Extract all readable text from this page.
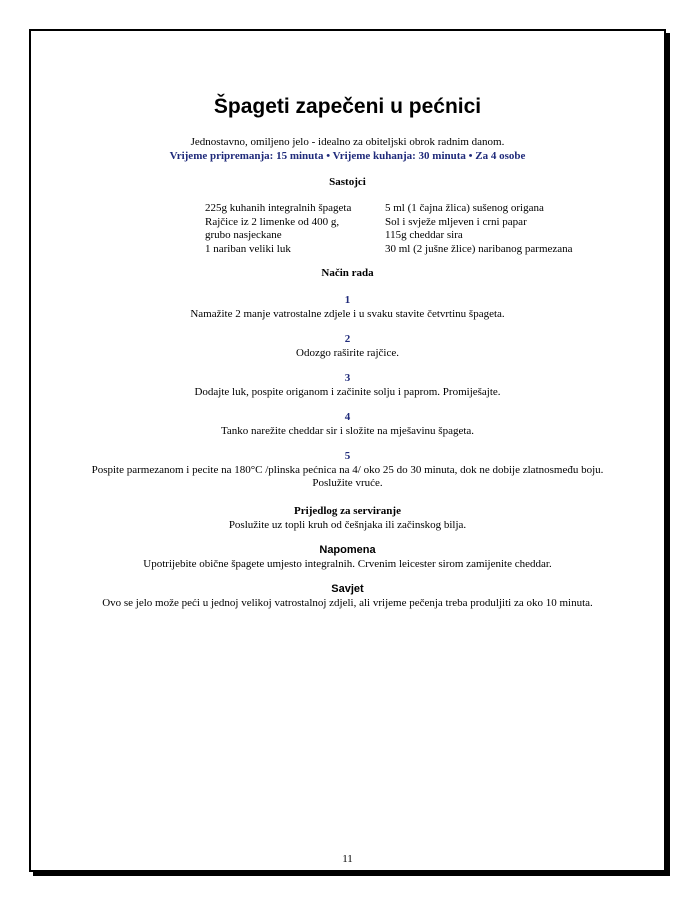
Špageti zapečeni u pećnici
Jednostavno, omiljeno jelo - idealno za obiteljski obrok radnim danom.
Vrijeme pripremanja: 15 minuta • Vrijeme kuhanja: 30 minuta • Za 4 osobe
Sastojci
225g kuhanih integralnih špageta
Rajčice iz 2 limenke od 400 g,
grubo nasjeckane
1 nariban veliki luk
5 ml (1 čajna žlica) sušenog origana
Sol i svježe mljeven i crni papar
115g cheddar sira
30 ml (2 jušne žlice) naribanog parmezana
Način rada
1
Namažite 2 manje vatrostalne zdjele i u svaku stavite četvrtinu špageta.
2
Odozgo raširite rajčice.
3
Dodajte luk, pospite origanom i začinite solju i paprom. Promiješajte.
4
Tanko narežite cheddar sir i složite na mješavinu špageta.
5
Pospite parmezanom i pecite na 180°C /plinska pećnica na 4/ oko 25 do 30 minuta, dok ne dobije zlatnosmeđu boju.
Poslužite vruće.
Prijedlog za serviranje
Poslužite uz topli kruh od češnjaka ili začinskog bilja.
Napomena
Upotrijebite obične špagete umjesto integralnih. Crvenim leicester sirom zamijenite cheddar.
Savjet
Ovo se jelo može peći u jednoj velikoj vatrostalnoj zdjeli, ali vrijeme pečenja treba produljiti za oko 10 minuta.
11
